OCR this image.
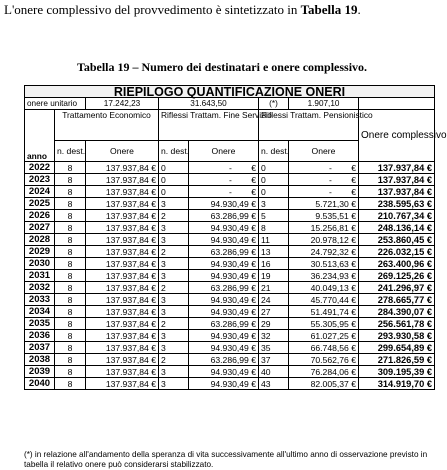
L'onere complessivo del provvedimento è sintetizzato in Tabella 19.
Tabella 19 – Numero dei destinatari e onere complessivo.
RIEPILOGO QUANTIFICAZIONE ONERI							
onere unitario		17.242,23	31.643,50		(*)	1.907,10	
anno	Trattamento Economico		Riflessi Trattam. Fine Servizio		Riflessi Trattam. Pensionistico		Onere complessivo
	n. dest.	Onere	n. dest.	Onere	n. dest.	Onere	
2022	8	137.937,84 €	0	- €	0	- €	137.937,84 €
2023	8	137.937,84 €	0	- €	0	- €	137.937,84 €
2024	8	137.937,84 €	0	- €	0	- €	137.937,84 €
2025	8	137.937,84 €	3	94.930,49 €	3	5.721,30 €	238.595,63 €
2026	8	137.937,84 €	2	63.286,99 €	5	9.535,51 €	210.767,34 €
2027	8	137.937,84 €	3	94.930,49 €	8	15.256,81 €	248.136,14 €
2028	8	137.937,84 €	3	94.930,49 €	11	20.978,12 €	253.860,45 €
2029	8	137.937,84 €	2	63.286,99 €	13	24.792,32 €	226.032,15 €
2030	8	137.937,84 €	3	94.930,49 €	16	30.513,63 €	263.400,96 €
2031	8	137.937,84 €	3	94.930,49 €	19	36.234,93 €	269.125,26 €
2032	8	137.937,84 €	2	63.286,99 €	21	40.049,13 €	241.296,97 €
2033	8	137.937,84 €	3	94.930,49 €	24	45.770,44 €	278.665,77 €
2034	8	137.937,84 €	3	94.930,49 €	27	51.491,74 €	284.390,07 €
2035	8	137.937,84 €	2	63.286,99 €	29	55.305,95 €	256.561,78 €
2036	8	137.937,84 €	3	94.930,49 €	32	61.027,25 €	293.930,58 €
2037	8	137.937,84 €	3	94.930,49 €	35	66.748,56 €	299.654,89 €
2038	8	137.937,84 €	2	63.286,99 €	37	70.562,76 €	271.826,59 €
2039	8	137.937,84 €	3	94.930,49 €	40	76.284,06 €	309.195,39 €
2040	8	137.937,84 €	3	94.930,49 €	43	82.005,37 €	314.919,70 €
(*) in relazione all'andamento della speranza di vita successivamente all'ultimo anno di osservazione previsto in tabella il relativo onere può considerarsi stabilizzato.
